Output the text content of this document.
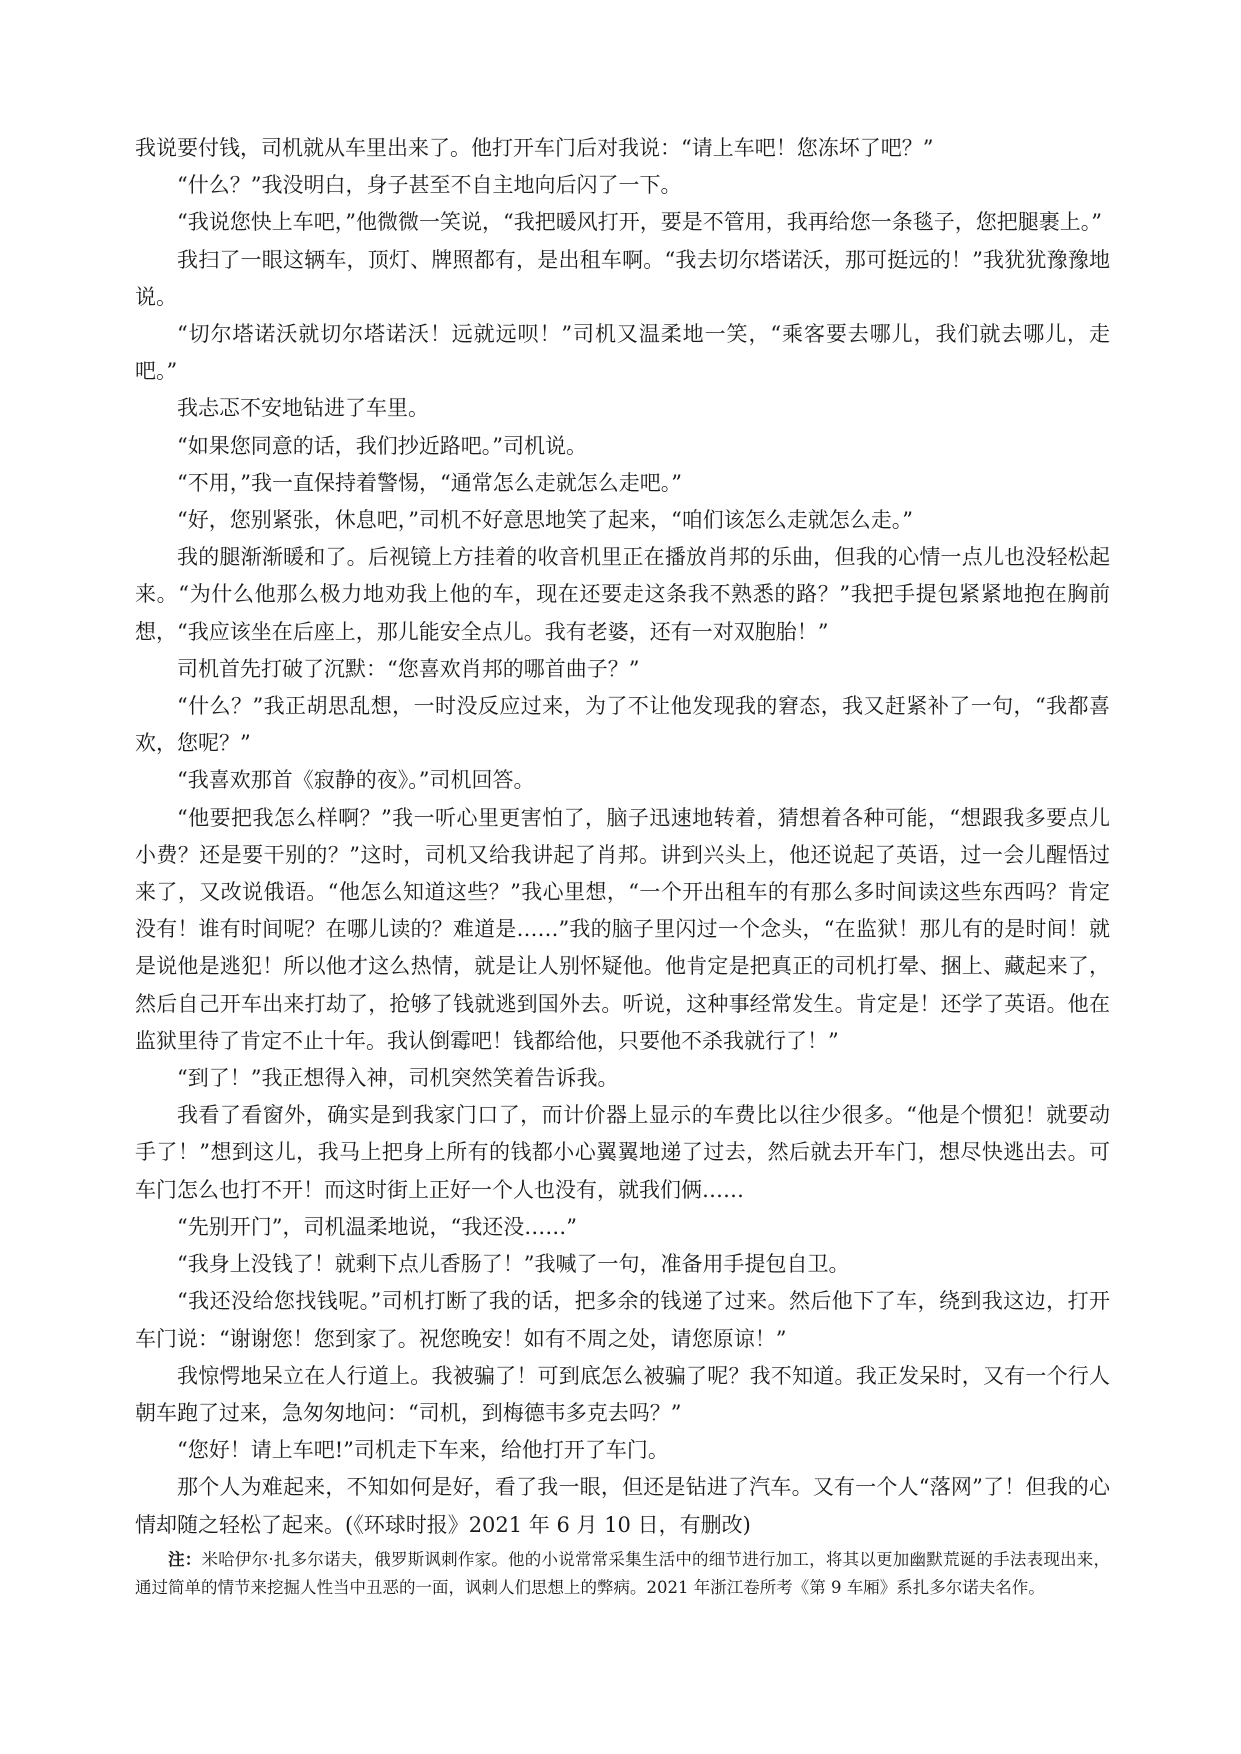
我说要付钱，司机就从车里出来了。他打开车门后对我说：“请上车吧！您冻坏了吧？”

“什么？”我没明白，身子甚至不自主地向后闪了一下。

“我说您快上车吧，”他微微一笑说，“我把暖风打开，要是不管用，我再给您一条毯子，您把腿裹上。”

我扫了一眼这辆车，顶灯、牌照都有，是出租车啊。“我去切尔塔诺沃，那可挺远的！”我犹犹豫豫地说。

“切尔塔诺沃就切尔塔诺沃！远就远呗！”司机又温柔地一笑，“乘客要去哪儿，我们就去哪儿，走吧。”

我忐忑不安地钻进了车里。

“如果您同意的话，我们抄近路吧。”司机说。

“不用，”我一直保持着警惕，“通常怎么走就怎么走吧。”

“好，您别紧张，休息吧，”司机不好意思地笑了起来，“咱们该怎么走就怎么走。”

我的腿渐渐暖和了。后视镜上方挂着的收音机里正在播放肖邦的乐曲，但我的心情一点儿也没轻松起来。“为什么他那么极力地劝我上他的车，现在还要走这条我不熟悉的路？”我把手提包紧紧地抱在胸前想，“我应该坐在后座上，那儿能安全点儿。我有老婆，还有一对双胞胎！”

司机首先打破了沉默：“您喜欢肖邦的哪首曲子？”

“什么？”我正胡思乱想，一时没反应过来，为了不让他发现我的窘态，我又赶紧补了一句，“我都喜欢，您呢？”

“我喜欢那首《寂静的夜》。”司机回答。

“他要把我怎么样啊？”我一听心里更害怕了，脑子迅速地转着，猜想着各种可能，“想跟我多要点儿小费？还是要干别的？”这时，司机又给我讲起了肖邦。讲到兴头上，他还说起了英语，过一会儿醒悟过来了，又改说俄语。“他怎么知道这些？”我心里想，“一个开出租车的有那么多时间读这些东西吗？肯定没有！谁有时间呢？在哪儿读的？难道是……”我的脑子里闪过一个念头，“在监狱！那儿有的是时间！就是说他是逃犯！所以他才这么热情，就是让人别怀疑他。他肯定是把真正的司机打晕、捆上、藏起来了，然后自己开车出来打劫了，抢够了钱就逃到国外去。听说，这种事经常发生。肯定是！还学了英语。他在监狱里待了肯定不止十年。我认倒霉吧！钱都给他，只要他不杀我就行了！”

“到了！”我正想得入神，司机突然笑着告诉我。

我看了看窗外，确实是到我家门口了，而计价器上显示的车费比以往少很多。“他是个惯犯！就要动手了！”想到这儿，我马上把身上所有的钱都小心翼翼地递了过去，然后就去开车门，想尽快逃出去。可车门怎么也打不开！而这时街上正好一个人也没有，就我们俩……

“先别开门”，司机温柔地说，“我还没……”

“我身上没钱了！就剩下点儿香肠了！”我喊了一句，准备用手提包自卫。

“我还没给您找钱呢。”司机打断了我的话，把多余的钱递了过来。然后他下了车，绕到我这边，打开车门说：“谢谢您！您到家了。祝您晚安！如有不周之处，请您原谅！”

我惊愕地呆立在人行道上。我被骗了！可到底怎么被骗了呢？我不知道。我正发呆时，又有一个行人朝车跑了过来，急匆匆地问：“司机，到梅德韦多克去吗？”

“您好！请上车吧!”司机走下车来，给他打开了车门。

那个人为难起来，不知如何是好，看了我一眼，但还是钻进了汽车。又有一个人“落网”了！但我的心情却随之轻松了起来。(《环球时报》2021 年 6 月 10 日，有删改)

注：米哈伊尔·扎多尔诺夫，俄罗斯讽刺作家。他的小说常常采集生活中的细节进行加工，将其以更加幽默荒诞的手法表现出来，通过简单的情节来挖掘人性当中丑恶的一面，讽刺人们思想上的弊病。2021 年浙江卷所考《第 9 车厢》系扎多尔诺夫名作。
